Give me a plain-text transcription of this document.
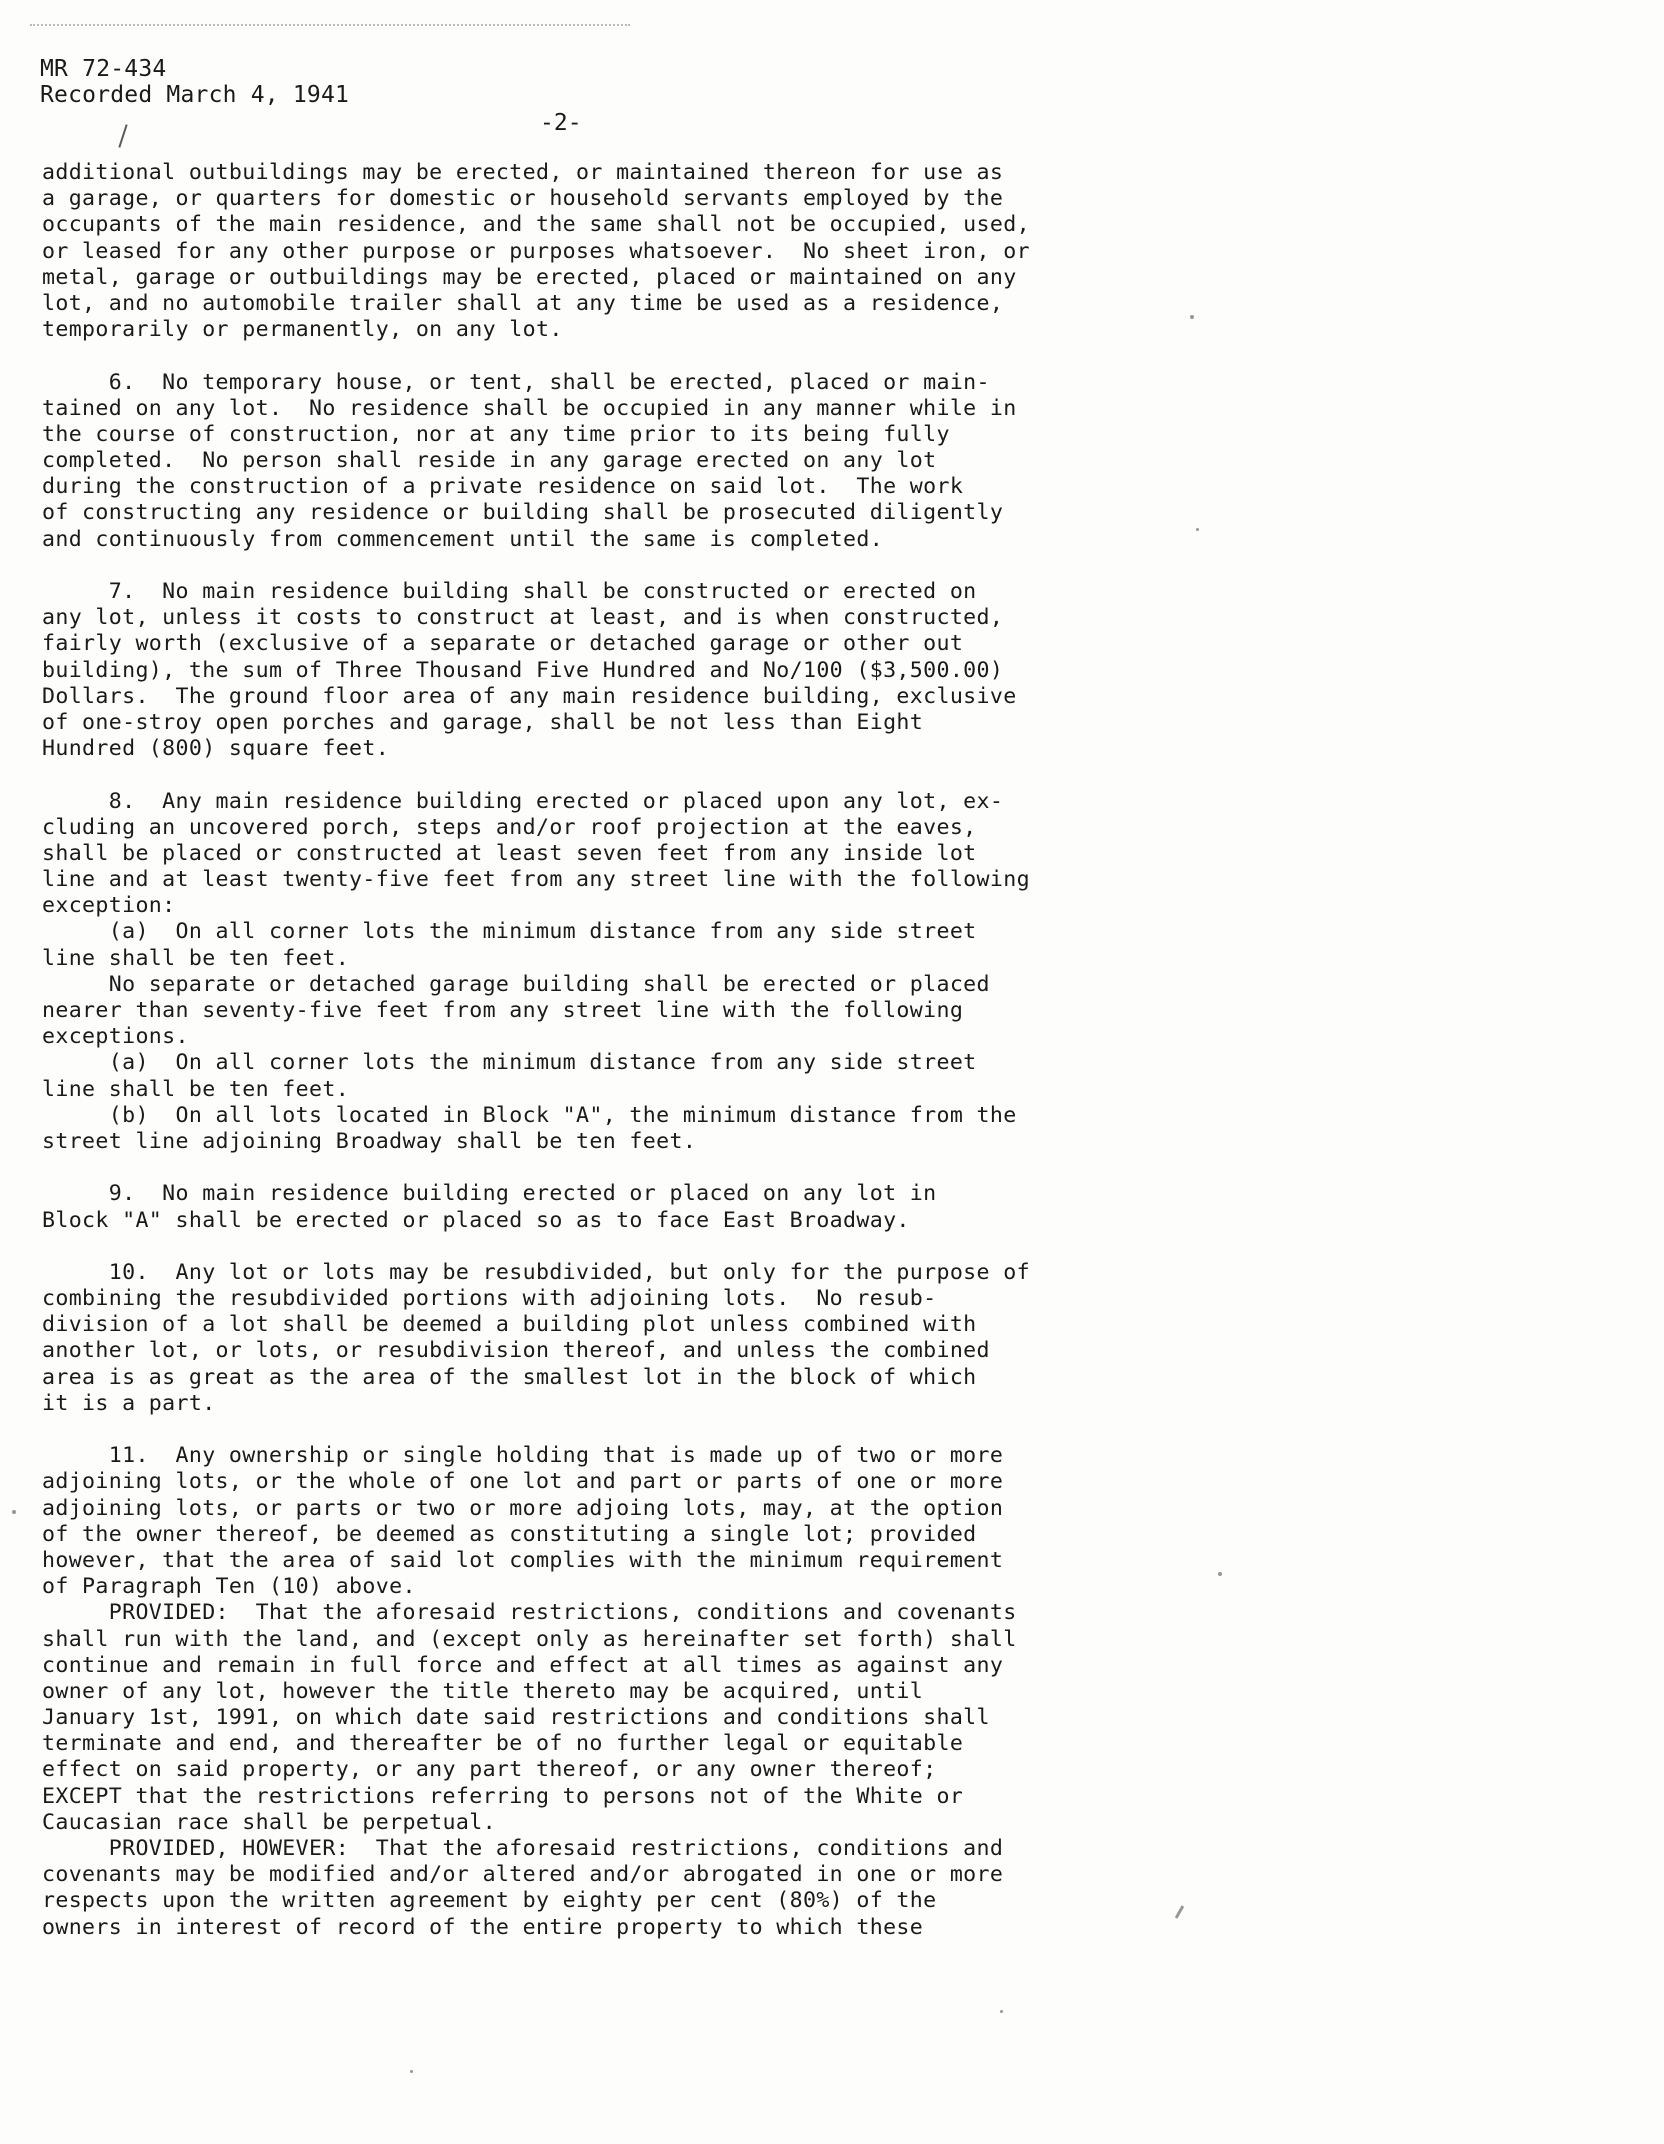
MR 72-434
Recorded March 4, 1941
-2-
additional outbuildings may be erected, or maintained thereon for use as
a garage, or quarters for domestic or household servants employed by the
occupants of the main residence, and the same shall not be occupied, used,
or leased for any other purpose or purposes whatsoever.  No sheet iron, or
metal, garage or outbuildings may be erected, placed or maintained on any
lot, and no automobile trailer shall at any time be used as a residence,
temporarily or permanently, on any lot.
6.  No temporary house, or tent, shall be erected, placed or main-
tained on any lot.  No residence shall be occupied in any manner while in
the course of construction, nor at any time prior to its being fully
completed.  No person shall reside in any garage erected on any lot
during the construction of a private residence on said lot.  The work
of constructing any residence or building shall be prosecuted diligently
and continuously from commencement until the same is completed.
7.  No main residence building shall be constructed or erected on
any lot, unless it costs to construct at least, and is when constructed,
fairly worth (exclusive of a separate or detached garage or other out
building), the sum of Three Thousand Five Hundred and No/100 ($3,500.00)
Dollars.  The ground floor area of any main residence building, exclusive
of one-stroy open porches and garage, shall be not less than Eight
Hundred (800) square feet.
8.  Any main residence building erected or placed upon any lot, ex-
cluding an uncovered porch, steps and/or roof projection at the eaves,
shall be placed or constructed at least seven feet from any inside lot
line and at least twenty-five feet from any street line with the following
exception:
(a)  On all corner lots the minimum distance from any side street
line shall be ten feet.
No separate or detached garage building shall be erected or placed
nearer than seventy-five feet from any street line with the following
exceptions.
(a)  On all corner lots the minimum distance from any side street
line shall be ten feet.
(b)  On all lots located in Block "A", the minimum distance from the
street line adjoining Broadway shall be ten feet.
9.  No main residence building erected or placed on any lot in
Block "A" shall be erected or placed so as to face East Broadway.
10.  Any lot or lots may be resubdivided, but only for the purpose of
combining the resubdivided portions with adjoining lots.  No resub-
division of a lot shall be deemed a building plot unless combined with
another lot, or lots, or resubdivision thereof, and unless the combined
area is as great as the area of the smallest lot in the block of which
it is a part.
11.  Any ownership or single holding that is made up of two or more
adjoining lots, or the whole of one lot and part or parts of one or more
adjoining lots, or parts or two or more adjoing lots, may, at the option
of the owner thereof, be deemed as constituting a single lot; provided
however, that the area of said lot complies with the minimum requirement
of Paragraph Ten (10) above.
PROVIDED:  That the aforesaid restrictions, conditions and covenants
shall run with the land, and (except only as hereinafter set forth) shall
continue and remain in full force and effect at all times as against any
owner of any lot, however the title thereto may be acquired, until
January 1st, 1991, on which date said restrictions and conditions shall
terminate and end, and thereafter be of no further legal or equitable
effect on said property, or any part thereof, or any owner thereof;
EXCEPT that the restrictions referring to persons not of the White or
Caucasian race shall be perpetual.
PROVIDED, HOWEVER:  That the aforesaid restrictions, conditions and
covenants may be modified and/or altered and/or abrogated in one or more
respects upon the written agreement by eighty per cent (80%) of the
owners in interest of record of the entire property to which these
